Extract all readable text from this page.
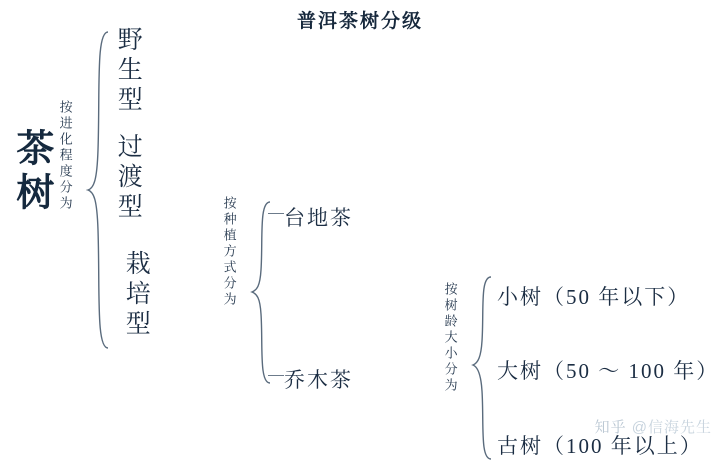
普洱茶树分级
茶树 按进化程度分为
野生型
过渡型
栽培型	按种植方式分为 台地茶
乔木茶	按树龄大小分为 小树（50 年以下）
大树（50 ～ 100 年）
古树（100 年以上）
知乎 @信海先生
